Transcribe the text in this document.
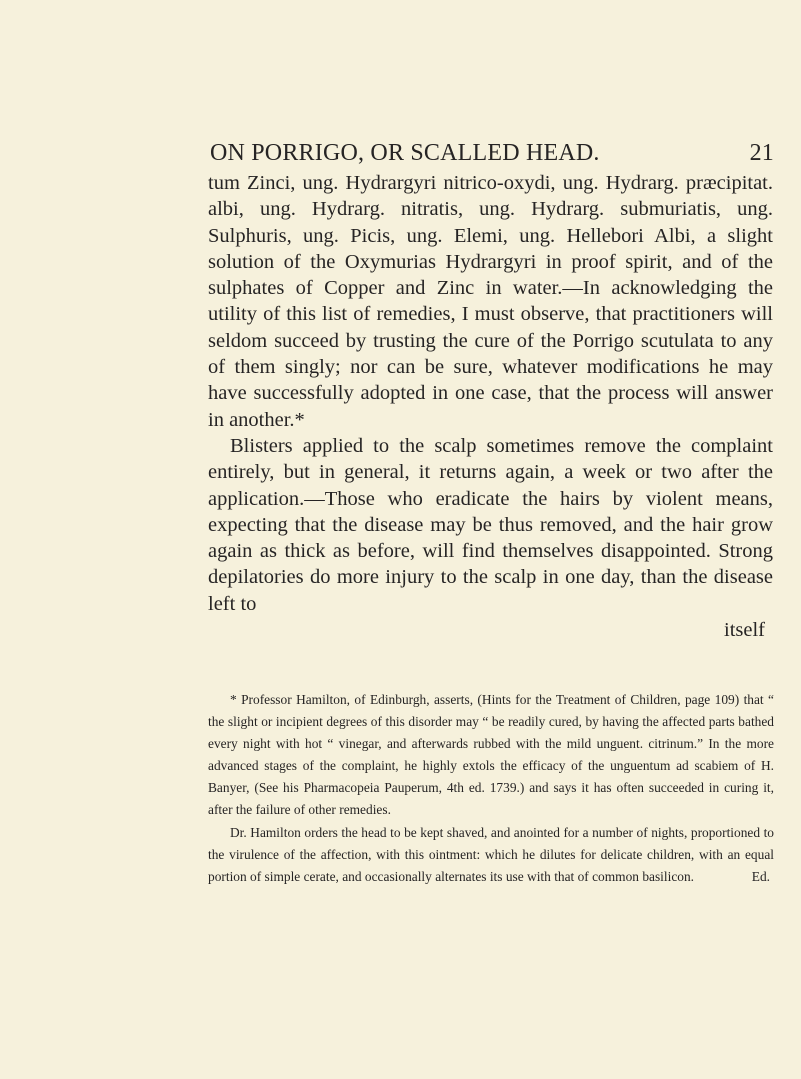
ON PORRIGO, OR SCALLED HEAD.	21

tum Zinci, ung. Hydrargyri nitrico-oxydi, ung. Hydrarg. præcipitat. albi, ung. Hydrarg. nitratis, ung. Hydrarg. submuriatis, ung. Sulphuris, ung. Picis, ung. Elemi, ung. Hellebori Albi, a slight solution of the Oxymurias Hydrargyri in proof spirit, and of the sulphates of Copper and Zinc in water.—In acknowledging the utility of this list of remedies, I must observe, that practitioners will seldom succeed by trusting the cure of the Porrigo scutulata to any of them singly; nor can be sure, whatever modifications he may have successfully adopted in one case, that the process will answer in another.*

Blisters applied to the scalp sometimes remove the complaint entirely, but in general, it returns again, a week or two after the application.—Those who eradicate the hairs by violent means, expecting that the disease may be thus removed, and the hair grow again as thick as before, will find themselves disappointed. Strong depilatories do more injury to the scalp in one day, than the disease left to

itself

* Professor Hamilton, of Edinburgh, asserts, (Hints for the Treatment of Children, page 109) that “ the slight or incipient degrees of this disorder may “ be readily cured, by having the affected parts bathed every night with hot “ vinegar, and afterwards rubbed with the mild unguent. citrinum.” In the more advanced stages of the complaint, he highly extols the efficacy of the unguentum ad scabiem of H. Banyer, (See his Pharmacopeia Pauperum, 4th ed. 1739.) and says it has often succeeded in curing it, after the failure of other remedies.

Dr. Hamilton orders the head to be kept shaved, and anointed for a number of nights, proportioned to the virulence of the affection, with this ointment: which he dilutes for delicate children, with an equal portion of simple cerate, and occasionally alternates its use with that of common basilicon.	Ed.
